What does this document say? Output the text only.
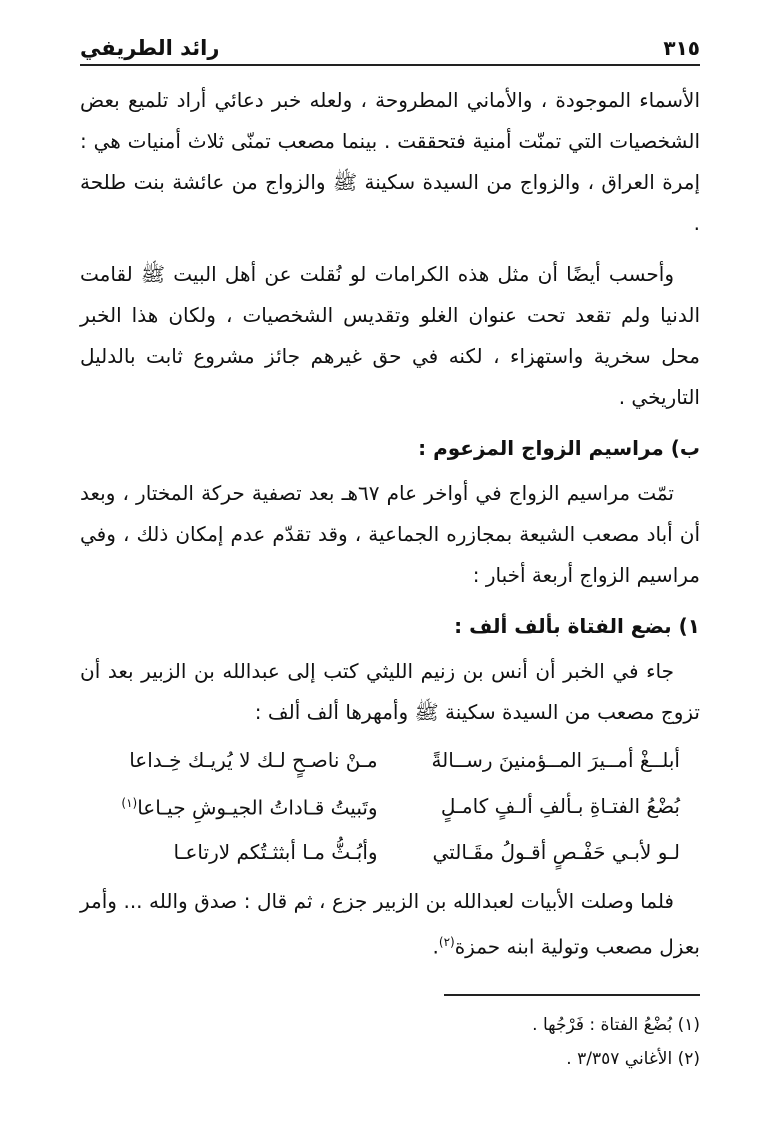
٣١٥
رائد الطريفي

الأسماء الموجودة ، والأماني المطروحة ، ولعله خبر دعائي أراد تلميع بعض الشخصيات التي تمنّت أمنية فتحققت . بينما مصعب تمنّى ثلاث أمنيات هي : إمرة العراق ، والزواج من السيدة سكينة ﷺ والزواج من عائشة بنت طلحة .

وأحسب أيضًا أن مثل هذه الكرامات لو نُقلت عن أهل البيت ﷺ لقامت الدنيا ولم تقعد تحت عنوان الغلو وتقديس الشخصيات ، ولكان هذا الخبر محل سخرية واستهزاء ، لكنه في حق غيرهم جائز مشروع ثابت بالدليل التاريخي .

ب) مراسيم الزواج المزعوم :

تمّت مراسيم الزواج في أواخر عام ٦٧هـ بعد تصفية حركة المختار ، وبعد أن أباد مصعب الشيعة بمجازره الجماعية ، وقد تقدّم عدم إمكان ذلك ، وفي مراسيم الزواج أربعة أخبار :

١) بضع الفتاة بألف ألف :

جاء في الخبر أن أنس بن زنيم الليثي كتب إلى عبدالله بن الزبير بعد أن تزوج مصعب من السيدة سكينة ﷺ وأمهرها ألف ألف :

أبلــغْ أمــيرَ المــؤمنينَ رســالةً
مـنْ ناصـحٍ لـك لا يُريـك خِـداعا
بُضْعُ الفتـاةِ بـألفِ ألـفٍ كامـلٍ
وتَبيتُ قـاداتُ الجيـوشِ جيـاعا$^{(١)}$
لـو لأبـي حَفْـصٍ أقـولُ مقَـالتي
وأبُـثُّ مـا أبثثـتُكم لارتاعـا

فلما وصلت الأبيات لعبدالله بن الزبير جزع ، ثم قال : صدق والله ... وأمر بعزل مصعب وتولية ابنه حمزة$^{(٢)}$.

(١) بُضْعُ الفتاة : فَرْجُها .
(٢) الأغاني ٣/٣٥٧ .
